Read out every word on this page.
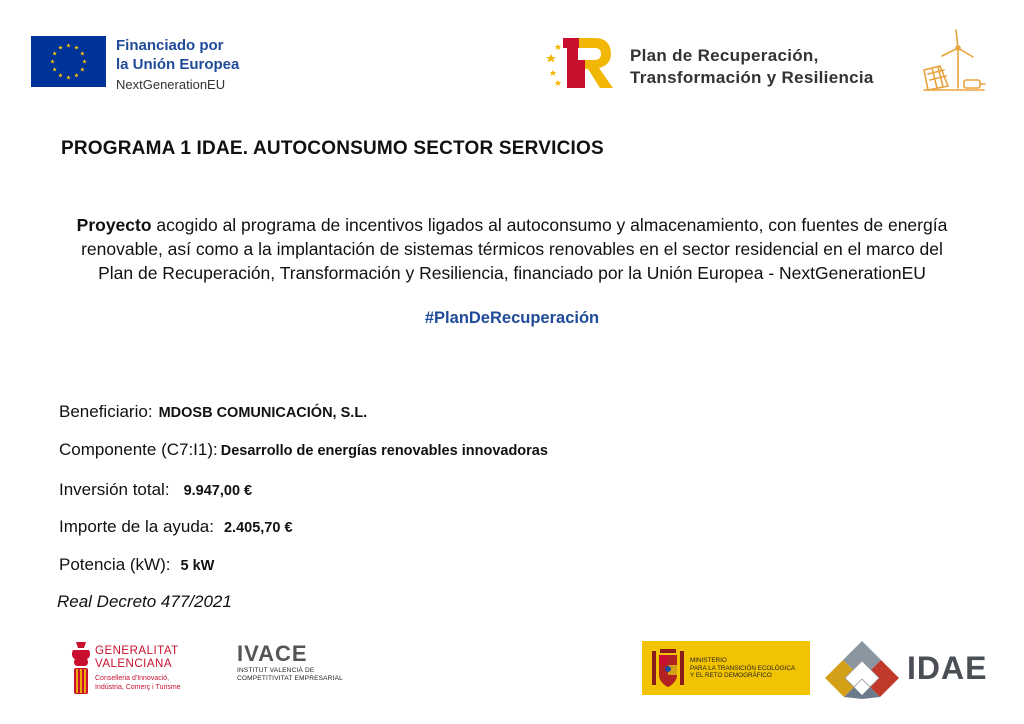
Financiado por
la Unión Europea
NextGenerationEU
Plan de Recuperación,
Transformación y Resiliencia
PROGRAMA 1 IDAE. AUTOCONSUMO SECTOR SERVICIOS
Proyecto acogido al programa de incentivos ligados al autoconsumo y almacenamiento, con fuentes de energía
renovable, así como a la implantación de sistemas térmicos renovables en el sector residencial en el marco del
Plan de Recuperación, Transformación y Resiliencia, financiado por la Unión Europea - NextGenerationEU
#PlanDeRecuperación
Beneficiario: MDOSB COMUNICACIÓN, S.L.
Componente (C7:I1): Desarrollo de energías renovables innovadoras
Inversión total: 9.947,00 €
Importe de la ayuda: 2.405,70 €
Potencia (kW): 5 kW
Real Decreto 477/2021
GENERALITAT
VALENCIANA
Conselleria d'Innovació,
Indústria, Comerç i Turisme
IVACE
INSTITUT VALENCIÀ DE
COMPETITIVITAT EMPRESARIAL
MINISTERIO
PARA LA TRANSICIÓN ECOLÓGICA
Y EL RETO DEMOGRÁFICO	IDAE
